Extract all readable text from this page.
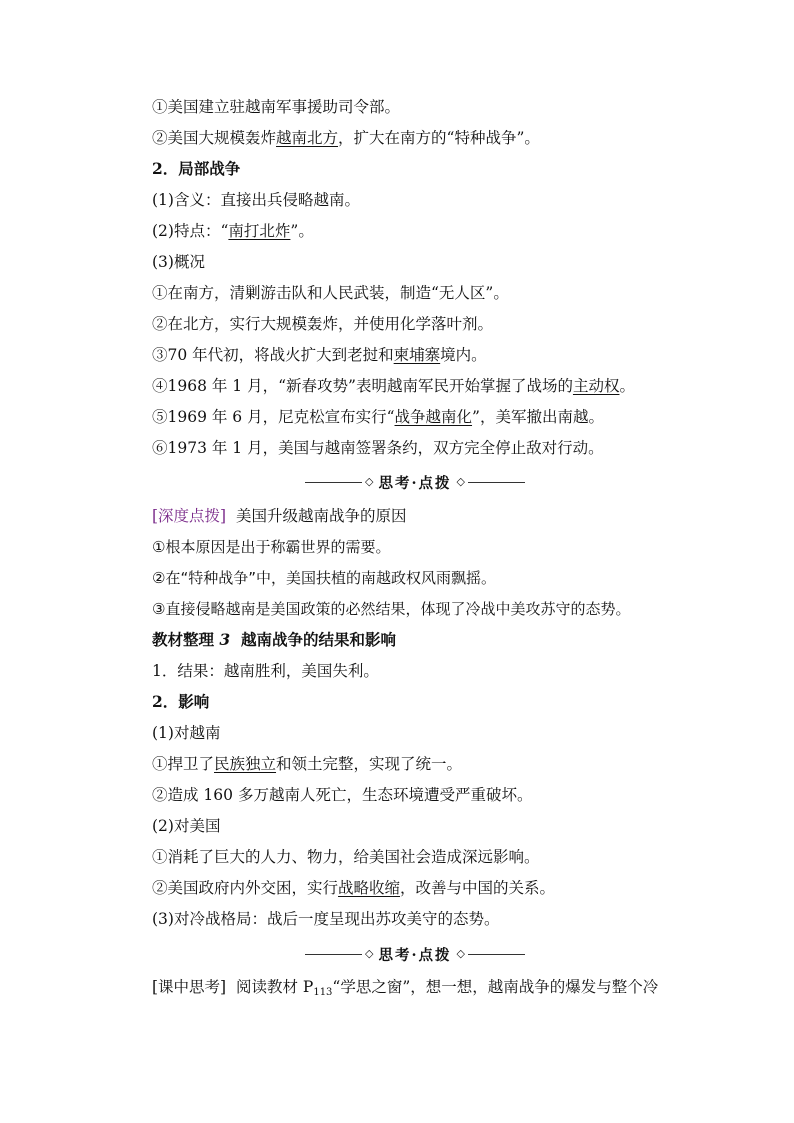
①美国建立驻越南军事援助司令部。
②美国大规模轰炸越南北方，扩大在南方的“特种战争”。
2．局部战争
(1)含义：直接出兵侵略越南。
(2)特点：“南打北炸”。
(3)概况
①在南方，清剿游击队和人民武装，制造“无人区”。
②在北方，实行大规模轰炸，并使用化学落叶剂。
③70 年代初，将战火扩大到老挝和柬埔寨境内。
④1968 年 1 月，“新春攻势”表明越南军民开始掌握了战场的主动权。
⑤1969 年 6 月，尼克松宣布实行“战争越南化”，美军撤出南越。
⑥1973 年 1 月，美国与越南签署条约，双方完全停止敌对行动。
◇ 思考·点拨 ◇
[深度点拨] 美国升级越南战争的原因
①根本原因是出于称霸世界的需要。
②在“特种战争”中，美国扶植的南越政权风雨飘摇。
③直接侵略越南是美国政策的必然结果，体现了冷战中美攻苏守的态势。
教材整理 3 越南战争的结果和影响
1．结果：越南胜利，美国失利。
2．影响
(1)对越南
①捍卫了民族独立和领土完整，实现了统一。
②造成 160 多万越南人死亡，生态环境遭受严重破坏。
(2)对美国
①消耗了巨大的人力、物力，给美国社会造成深远影响。
②美国政府内外交困，实行战略收缩，改善与中国的关系。
(3)对冷战格局：战后一度呈现出苏攻美守的态势。
◇ 思考·点拨 ◇
[课中思考] 阅读教材 $P_{113}“$学思之窗”，想一想，越南战争的爆发与整个冷
